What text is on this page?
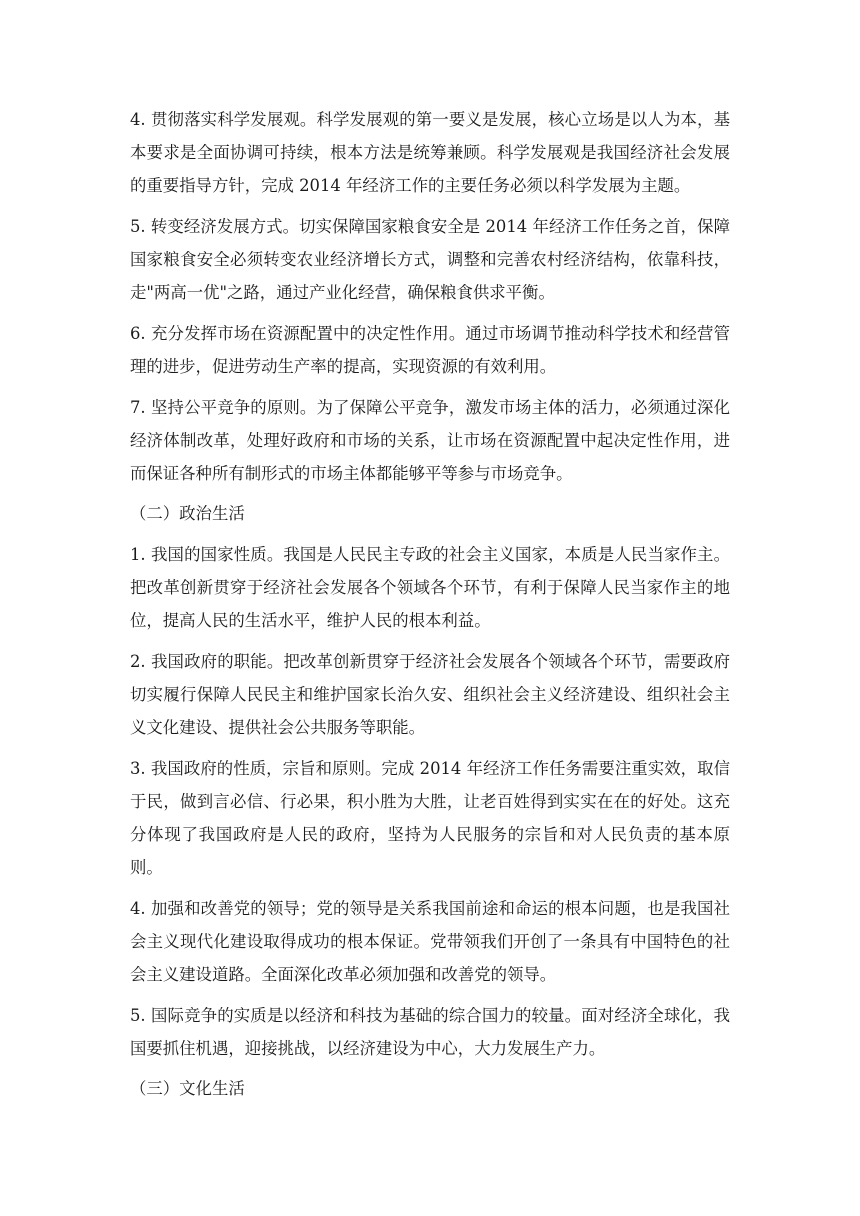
4. 贯彻落实科学发展观。科学发展观的第一要义是发展，核心立场是以人为本，基本要求是全面协调可持续，根本方法是统筹兼顾。科学发展观是我国经济社会发展的重要指导方针，完成 2014 年经济工作的主要任务必须以科学发展为主题。

5. 转变经济发展方式。切实保障国家粮食安全是 2014 年经济工作任务之首，保障国家粮食安全必须转变农业经济增长方式，调整和完善农村经济结构，依靠科技，走"两高一优"之路，通过产业化经营，确保粮食供求平衡。

6. 充分发挥市场在资源配置中的决定性作用。通过市场调节推动科学技术和经营管理的进步，促进劳动生产率的提高，实现资源的有效利用。

7. 坚持公平竞争的原则。为了保障公平竞争，激发市场主体的活力，必须通过深化经济体制改革，处理好政府和市场的关系，让市场在资源配置中起决定性作用，进而保证各种所有制形式的市场主体都能够平等参与市场竞争。

（二）政治生活

1. 我国的国家性质。我国是人民民主专政的社会主义国家，本质是人民当家作主。把改革创新贯穿于经济社会发展各个领域各个环节，有利于保障人民当家作主的地位，提高人民的生活水平，维护人民的根本利益。

2. 我国政府的职能。把改革创新贯穿于经济社会发展各个领域各个环节，需要政府切实履行保障人民民主和维护国家长治久安、组织社会主义经济建设、组织社会主义文化建设、提供社会公共服务等职能。

3. 我国政府的性质，宗旨和原则。完成 2014 年经济工作任务需要注重实效，取信于民，做到言必信、行必果，积小胜为大胜，让老百姓得到实实在在的好处。这充分体现了我国政府是人民的政府，坚持为人民服务的宗旨和对人民负责的基本原则。

4. 加强和改善党的领导；党的领导是关系我国前途和命运的根本问题，也是我国社会主义现代化建设取得成功的根本保证。党带领我们开创了一条具有中国特色的社会主义建设道路。全面深化改革必须加强和改善党的领导。

5. 国际竞争的实质是以经济和科技为基础的综合国力的较量。面对经济全球化，我国要抓住机遇，迎接挑战，以经济建设为中心，大力发展生产力。

（三）文化生活
